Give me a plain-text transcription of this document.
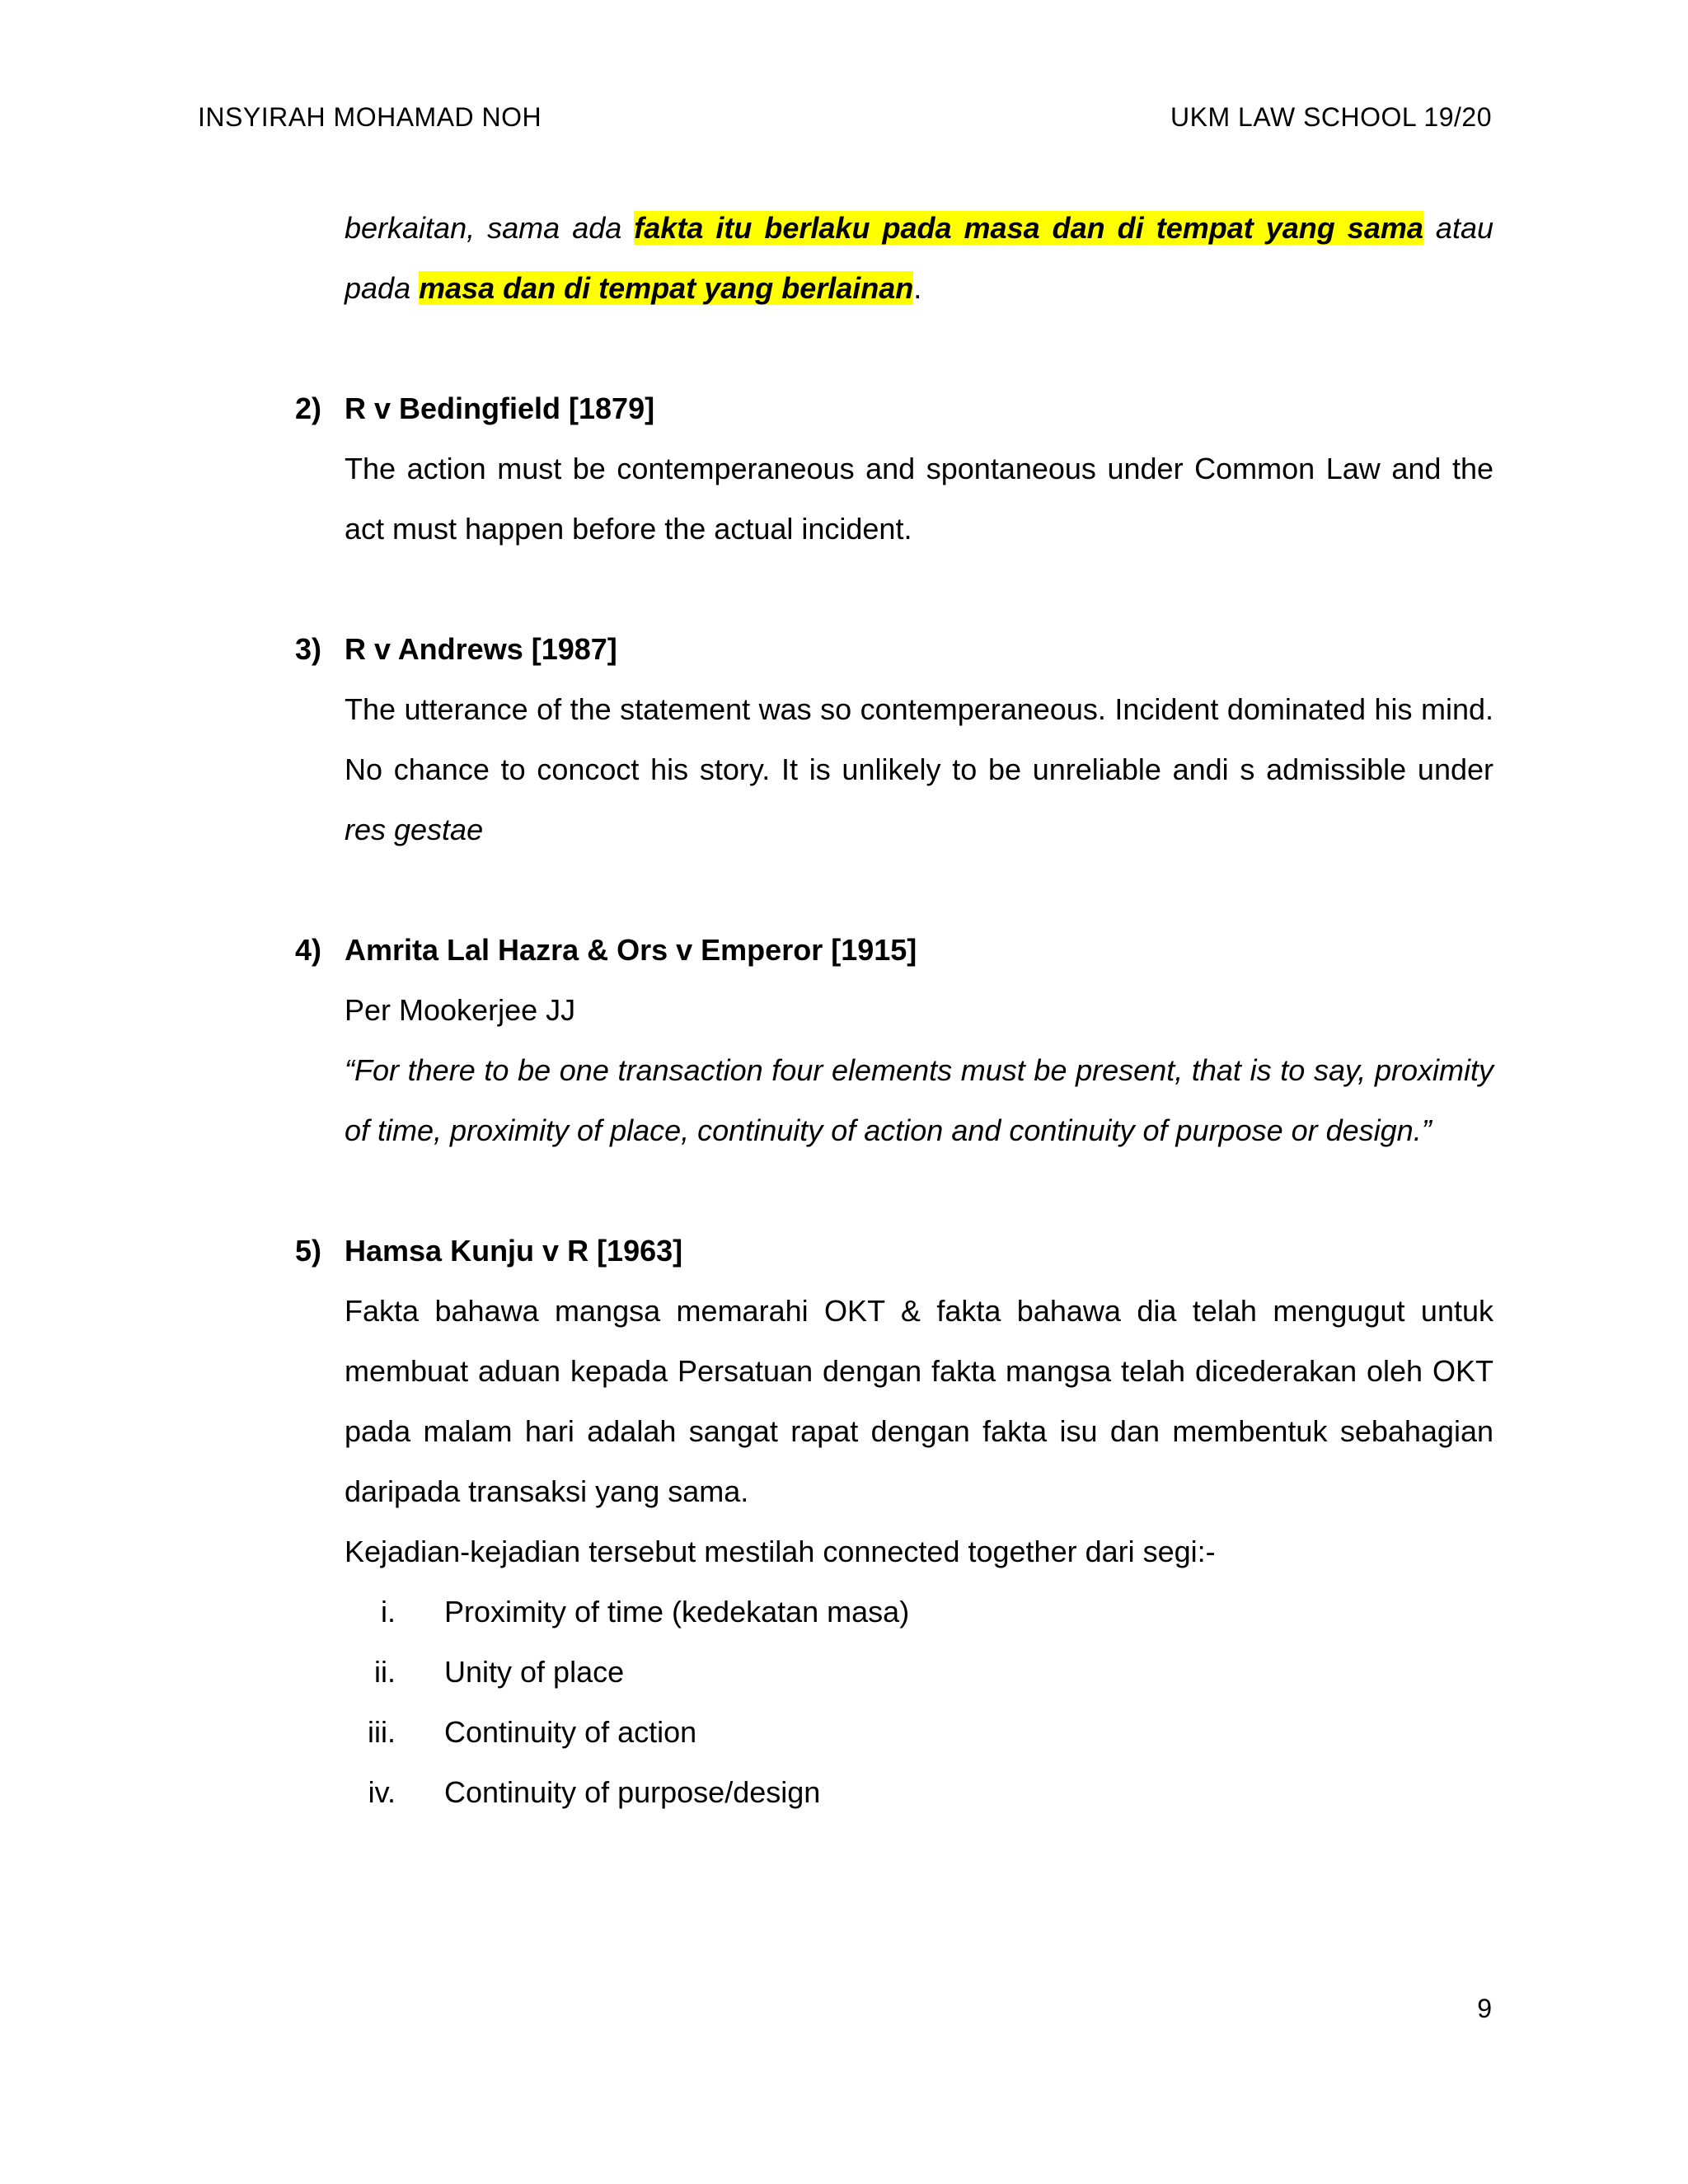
INSYIRAH MOHAMAD NOH	UKM LAW SCHOOL 19/20

berkaitan, sama ada fakta itu berlaku pada masa dan di tempat yang sama atau pada masa dan di tempat yang berlainan.

2) R v Bedingfield [1879]

The action must be contemperaneous and spontaneous under Common Law and the act must happen before the actual incident.

3) R v Andrews [1987]

The utterance of the statement was so contemperaneous. Incident dominated his mind. No chance to concoct his story. It is unlikely to be unreliable andi s admissible under res gestae

4) Amrita Lal Hazra & Ors v Emperor [1915]

Per Mookerjee JJ

“For there to be one transaction four elements must be present, that is to say, proximity of time, proximity of place, continuity of action and continuity of purpose or design.”

5) Hamsa Kunju v R [1963]

Fakta bahawa mangsa memarahi OKT & fakta bahawa dia telah mengugut untuk membuat aduan kepada Persatuan dengan fakta mangsa telah dicederakan oleh OKT pada malam hari adalah sangat rapat dengan fakta isu dan membentuk sebahagian daripada transaksi yang sama.

Kejadian-kejadian tersebut mestilah connected together dari segi:-

i. Proximity of time (kedekatan masa)
ii. Unity of place
iii. Continuity of action
iv. Continuity of purpose/design
9
